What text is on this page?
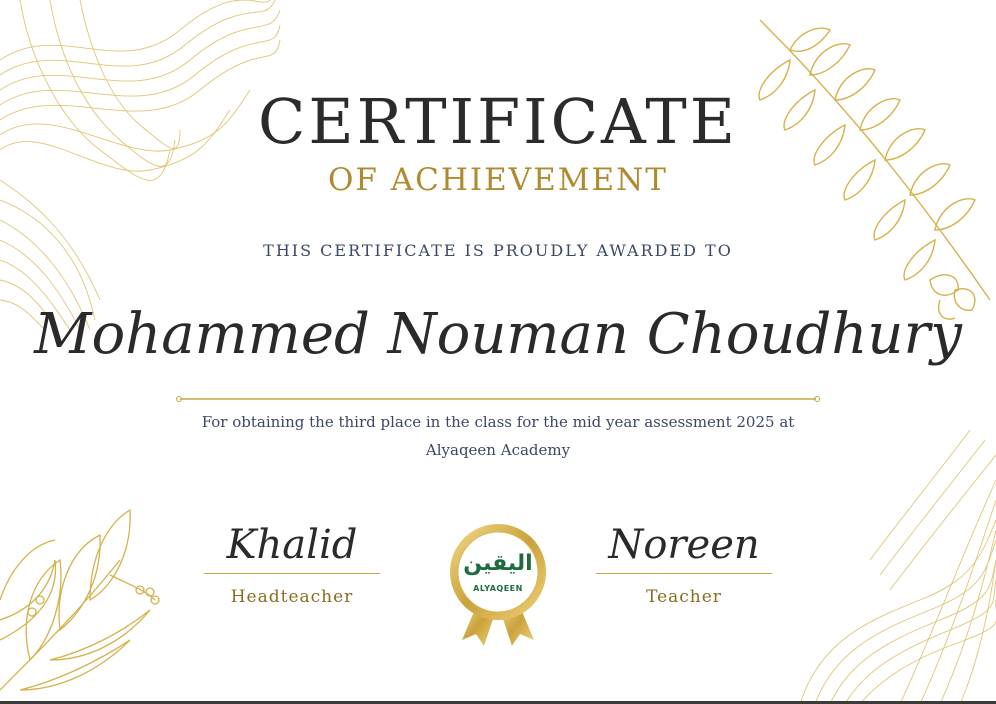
CERTIFICATE
OF ACHIEVEMENT
THIS CERTIFICATE IS PROUDLY AWARDED TO
Mohammed Nouman Choudhury
For obtaining the third place in the class for the mid year assessment 2025 at Alyaqeen Academy
Khalid
Headteacher
Noreen
Teacher
اليقين
ALYAQEEN
